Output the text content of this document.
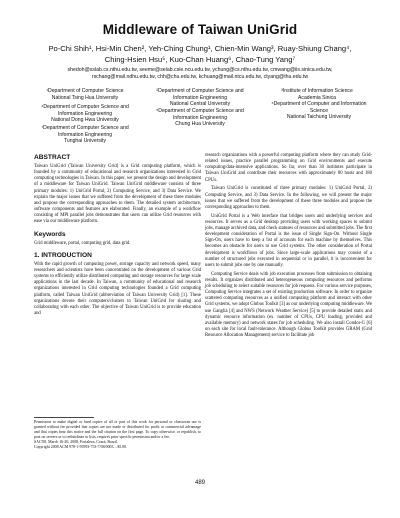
Middleware of Taiwan UniGrid
Po-Chi Shih¹, Hsi-Min Chen², Yeh-Ching Chung¹, Chien-Min Wang³, Ruay-Shiung Chang⁴,
Ching-Hsien Hsu⁵, Kuo-Chan Huang⁶, Chao-Tung Yang⁷
shedoh@sslab.cs.nthu.edu.tw, seeme@selab.csie.ncu.edu.tw, ychung@cs.nthu.edu.tw, cmwang@iis.sinica.edu.tw,
rschang@mail.ndhu.edu.tw, chh@chu.edu.tw, kchuang@mail.ntcu.edu.tw, ctyang@thu.edu.tw
¹Department of Computer Science
National Tsing Hua University
²Department of Computer Science and
Information Engineering
National Central University
³Institute of Information Science
Academia Sinica
⁴Department of Computer Science and
Information Engineering
National Dong Hwa University
⁵Department of Computer Science and
Information Engineering
Chung Hua University
⁶Department of Computer and Information
Science
National Taichung University
⁷Department of Computer Science and
Information Engineering
Tunghai University
ABSTRACT

Taiwan UniGrid (Taiwan University Grid) is a Grid computing platform, which is founded by a community of educational and research organizations interested in Grid computing technologies in Taiwan. In this paper, we present the design and development of a middleware for Taiwan UniGrid. Taiwan UniGrid middleware consists of three primary modules: 1) UniGrid Portal, 2) Computing Service, and 3) Data Service. We explain the major issues that we suffered from the development of these three modules and propose the corresponding approaches to them. The detailed system architecture, software components and features are elaborated. Finally, an example of a workflow consisting of MPI parallel jobs demonstrates that users can utilize Grid resources with ease via our middleware platform.

Keywords

Grid middleware, portal, computing grid, data grid.

1. INTRODUCTION

With the rapid growth of computing power, storage capacity and network speed, many researchers and scientists have been concentrated on the development of various Grid systems to efficiently utilize distributed computing and storage resources for large scale applications in the last decade. In Taiwan, a community of educational and research organizations interested in Grid computing technologies founded a Grid computing platform, called Taiwan UniGrid (abbreviation of Taiwan University Grid) [1]. These organizations devote their computers/clusters to Taiwan UniGrid for sharing and collaborating with each other. The objective of Taiwan UniGrid is to provide education and

Permission to make digital or hard copies of all or part of this work for personal or classroom use is granted without fee provided that copies are not made or distributed for profit or commercial advantage and that copies bear this notice and the full citation on the first page. To copy otherwise, or republish, to post on servers or to redistribute to lists, requires prior specific permission and/or a fee.

SAC'08, March 16-20, 2008, Fortaleza, Ceará, Brazil.

Copyright 2008 ACM 978-1-59593-753-7/08/0003…$5.00.

research organizations with a powerful computing platform where they can study Grid-related issues, practice parallel programming on Grid environments and execute computing/data-intensive applications. So far, over than 30 institutes participate in Taiwan UniGrid and contribute their resources with approximately 80 hosts and 180 CPUs.

Taiwan UniGrid is constituted of three primary modules: 1) UniGrid Portal, 2) Computing Service, and 3) Data Service. In the following, we will present the major issues that we suffered from the development of these three modules and propose the corresponding approaches to them.

UniGrid Portal is a Web interface that bridges users and underlying services and resources. It serves as a Grid desktop providing users with working spaces to submit jobs, manage archived data, and check statuses of resources and submitted jobs. The first development consideration of Portal is the issue of Single Sign-On. Without Single Sign-On, users have to keep a list of accounts for each machine by themselves. This becomes an obstacle for users to use Grid systems. The other consideration of Portal development is workflows of jobs. Since large-scale applications may consist of a number of structured jobs executed in sequential or in parallel, it is inconvenient for users to submit jobs one by one manually.

Computing Service deals with job execution processes from submission to obtaining results. It organizes distributed and heterogeneous computing resources and performs job scheduling to select suitable resources for job requests. For various service purposes, Computing Service integrates a set of existing production software. In order to organize scattered computing resources as a unified computing platform and interact with other Grid systems, we adopt Globus Toolkit [3] as our underlying computing middleware. We use Ganglia [4] and NWS (Network Weather Service) [5] to provide detailed static and dynamic resource information (ex. number of CPUs, CPU loading, provided and available memory) and network states for job scheduling. We also install Condor-G [6] on each site for local fault-tolerance. Although Globus Toolkit provides GRAM (Grid Resource Allocation Management) service to facilitate job

489
